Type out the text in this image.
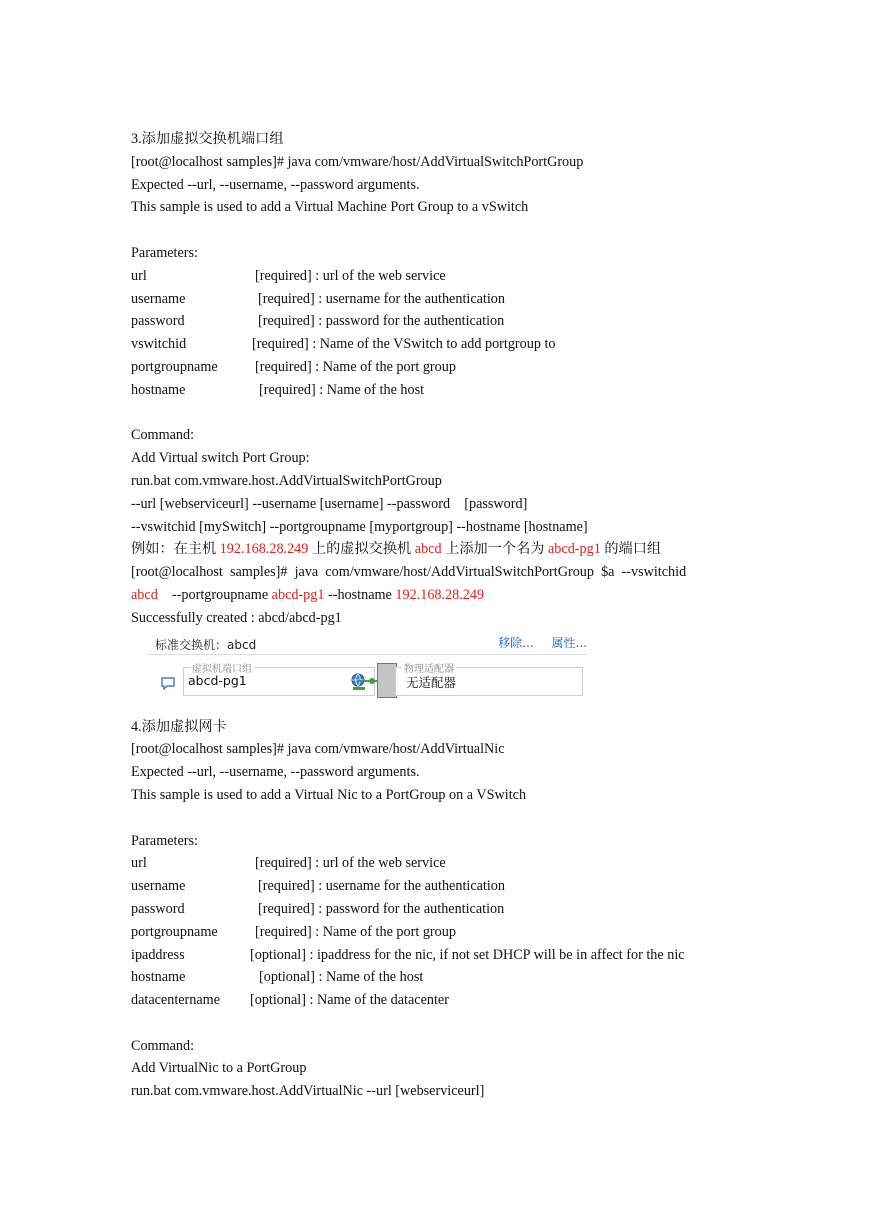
3.添加虚拟交换机端口组
[root@localhost samples]# java com/vmware/host/AddVirtualSwitchPortGroup
Expected --url, --username, --password arguments.
This sample is used to add a Virtual Machine Port Group to a vSwitch
Parameters:
url	[required] : url of the web service
username	[required] : username for the authentication
password	[required] : password for the authentication
vswitchid	[required] : Name of the VSwitch to add portgroup to
portgroupname	[required] : Name of the port group
hostname	[required] : Name of the host
Command:
Add Virtual switch Port Group:
run.bat com.vmware.host.AddVirtualSwitchPortGroup
--url [webserviceurl] --username [username] --password    [password]
--vswitchid [mySwitch] --portgroupname [myportgroup] --hostname [hostname]
例如：在主机 192.168.28.249 上的虚拟交换机 abcd 上添加一个名为 abcd-pg1 的端口组
[root@localhost  samples]#  java  com/vmware/host/AddVirtualSwitchPortGroup  $a  --vswitchid
abcd    --portgroupname abcd-pg1 --hostname 192.168.28.249
Successfully created : abcd/abcd-pg1
标准交换机：abcd	移除... 属性...
虚拟机端口组
abcd-pg1
物理适配器
无适配器
4.添加虚拟网卡
[root@localhost samples]# java com/vmware/host/AddVirtualNic
Expected --url, --username, --password arguments.
This sample is used to add a Virtual Nic to a PortGroup on a VSwitch
Parameters:
url	[required] : url of the web service
username	[required] : username for the authentication
password	[required] : password for the authentication
portgroupname	[required] : Name of the port group
ipaddress	[optional] : ipaddress for the nic, if not set DHCP will be in affect for the nic
hostname	[optional] : Name of the host
datacentername	[optional] : Name of the datacenter
Command:
Add VirtualNic to a PortGroup
run.bat com.vmware.host.AddVirtualNic --url [webserviceurl]
